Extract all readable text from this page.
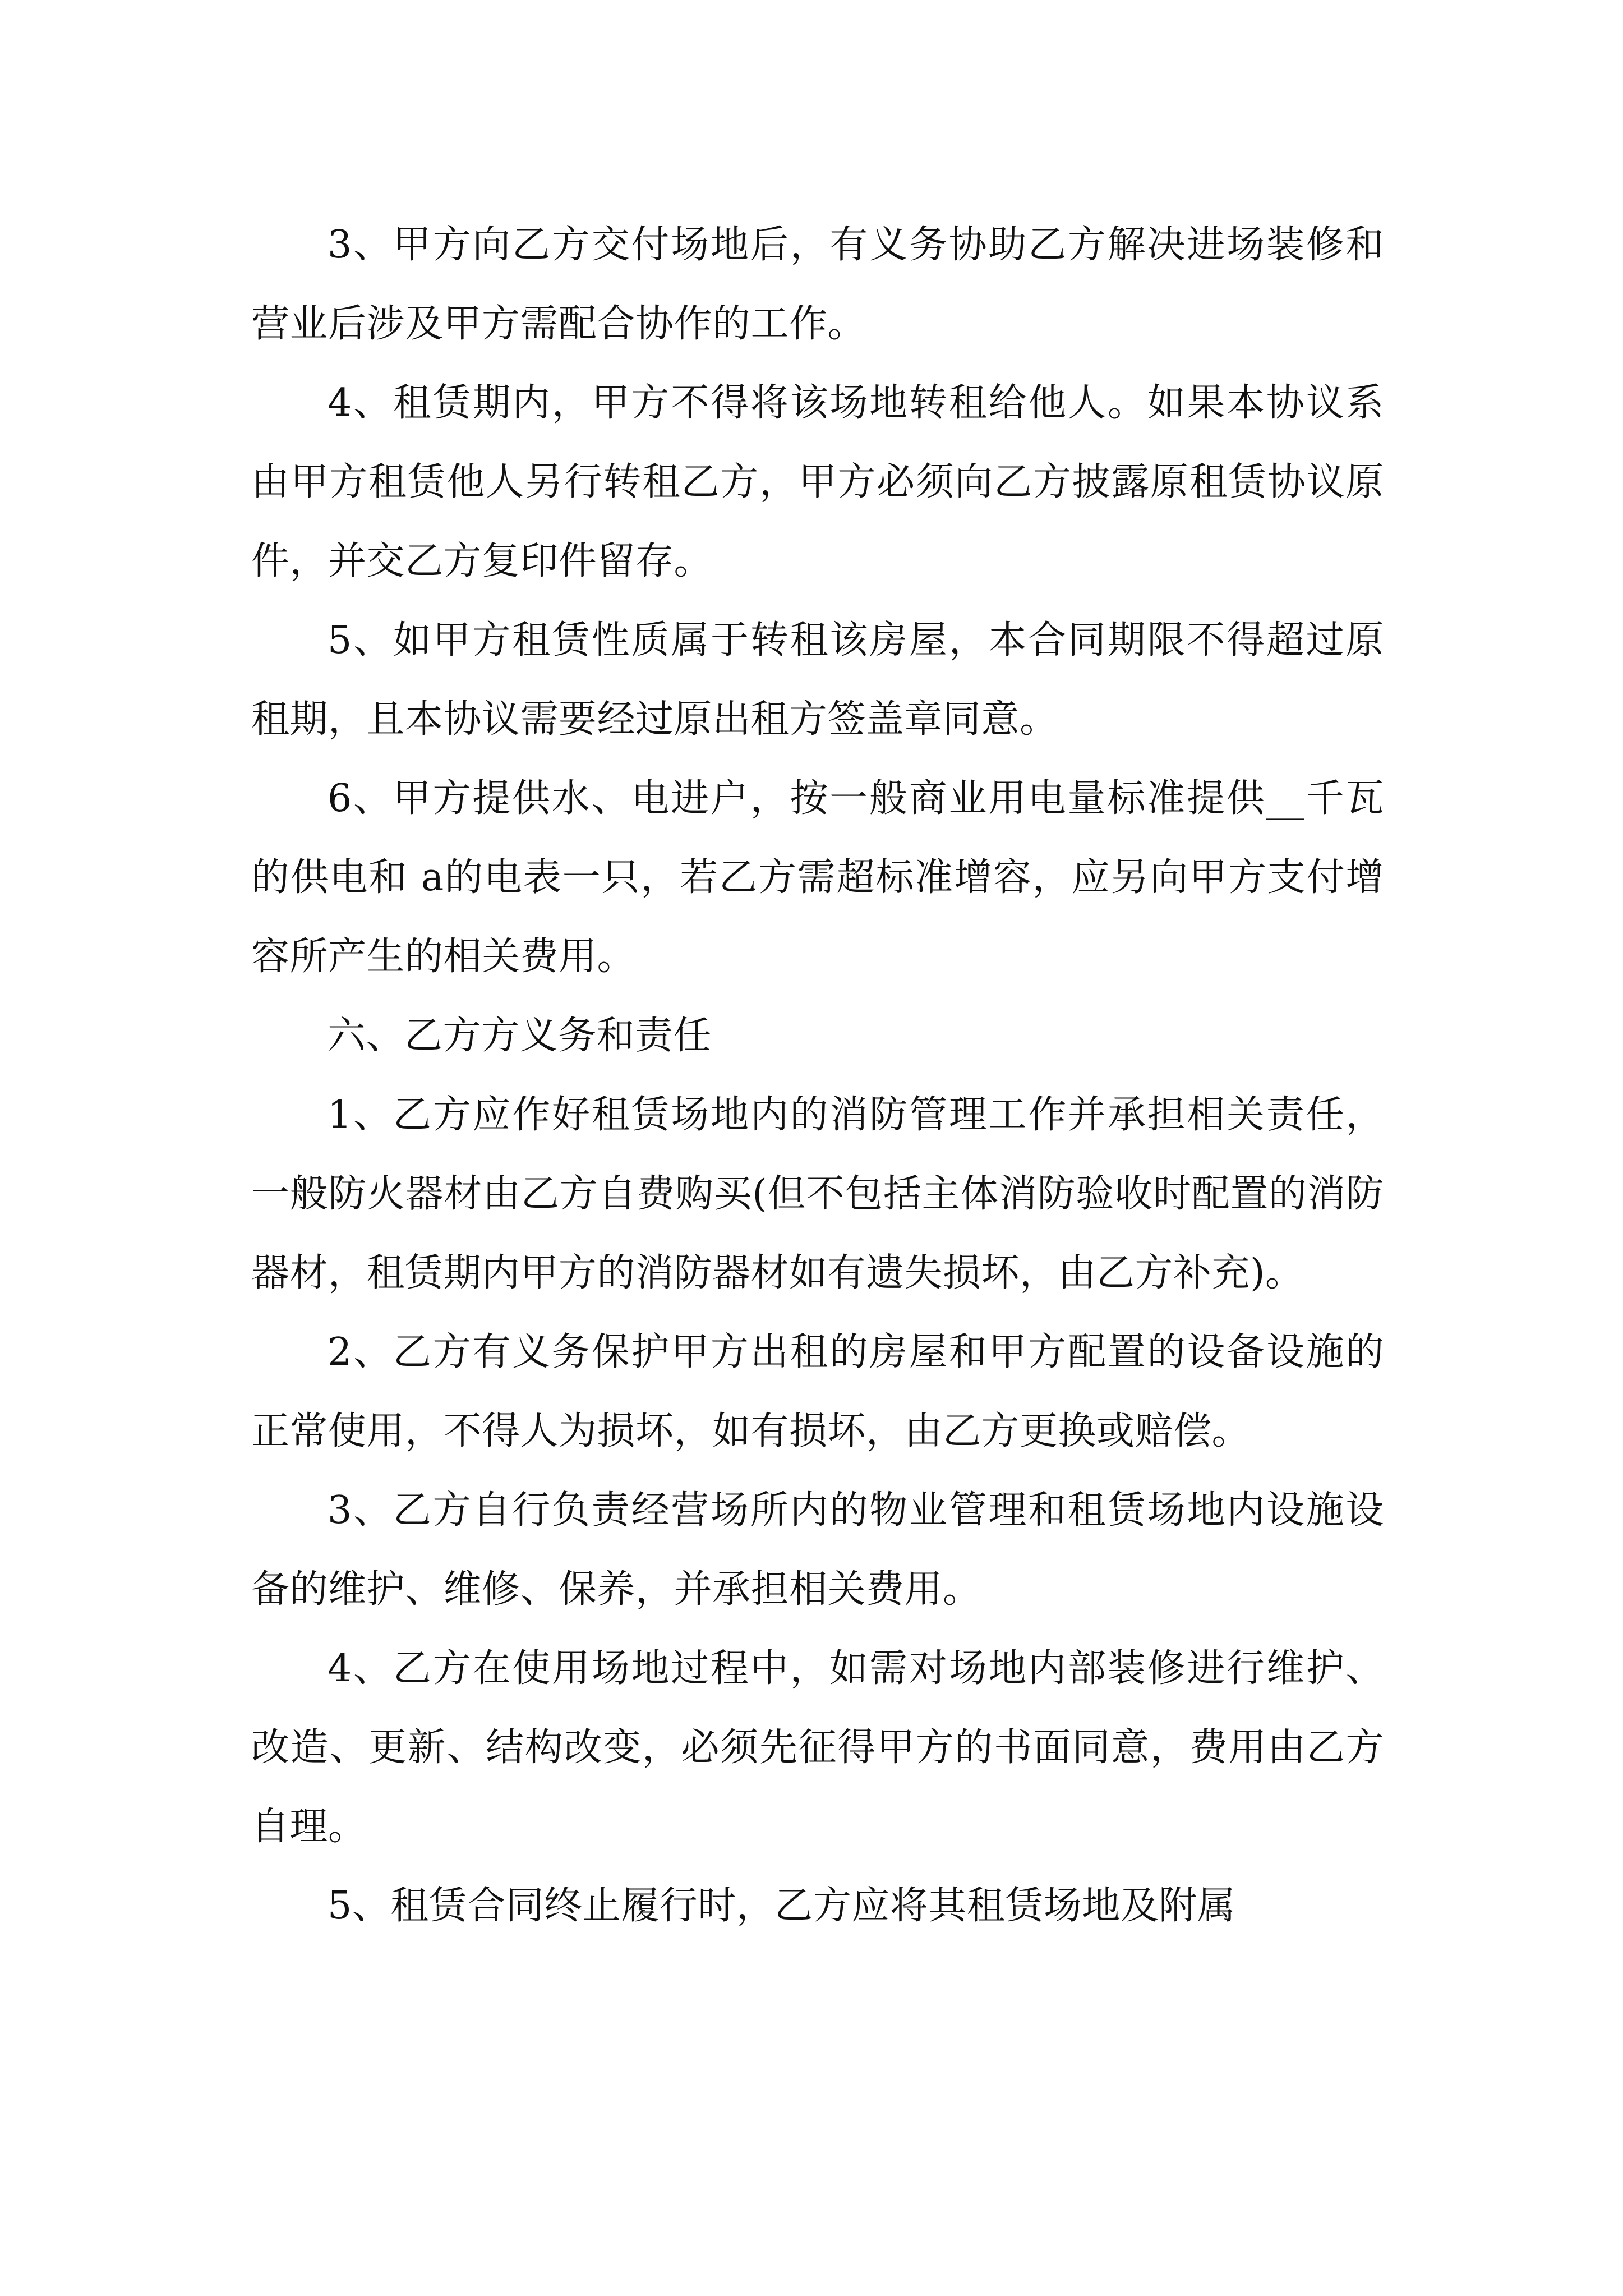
3、甲方向乙方交付场地后，有义务协助乙方解决进场装修和营业后涉及甲方需配合协作的工作。

4、租赁期内，甲方不得将该场地转租给他人。如果本协议系由甲方租赁他人另行转租乙方，甲方必须向乙方披露原租赁协议原件，并交乙方复印件留存。

5、如甲方租赁性质属于转租该房屋，本合同期限不得超过原租期，且本协议需要经过原出租方签盖章同意。

6、甲方提供水、电进户，按一般商业用电量标准提供__千瓦的供电和 a的电表一只，若乙方需超标准增容，应另向甲方支付增容所产生的相关费用。

六、乙方方义务和责任

1、乙方应作好租赁场地内的消防管理工作并承担相关责任，一般防火器材由乙方自费购买(但不包括主体消防验收时配置的消防器材，租赁期内甲方的消防器材如有遗失损坏，由乙方补充)。

2、乙方有义务保护甲方出租的房屋和甲方配置的设备设施的正常使用，不得人为损坏，如有损坏，由乙方更换或赔偿。

3、乙方自行负责经营场所内的物业管理和租赁场地内设施设备的维护、维修、保养，并承担相关费用。

4、乙方在使用场地过程中，如需对场地内部装修进行维护、改造、更新、结构改变，必须先征得甲方的书面同意，费用由乙方自理。

5、租赁合同终止履行时，乙方应将其租赁场地及附属
